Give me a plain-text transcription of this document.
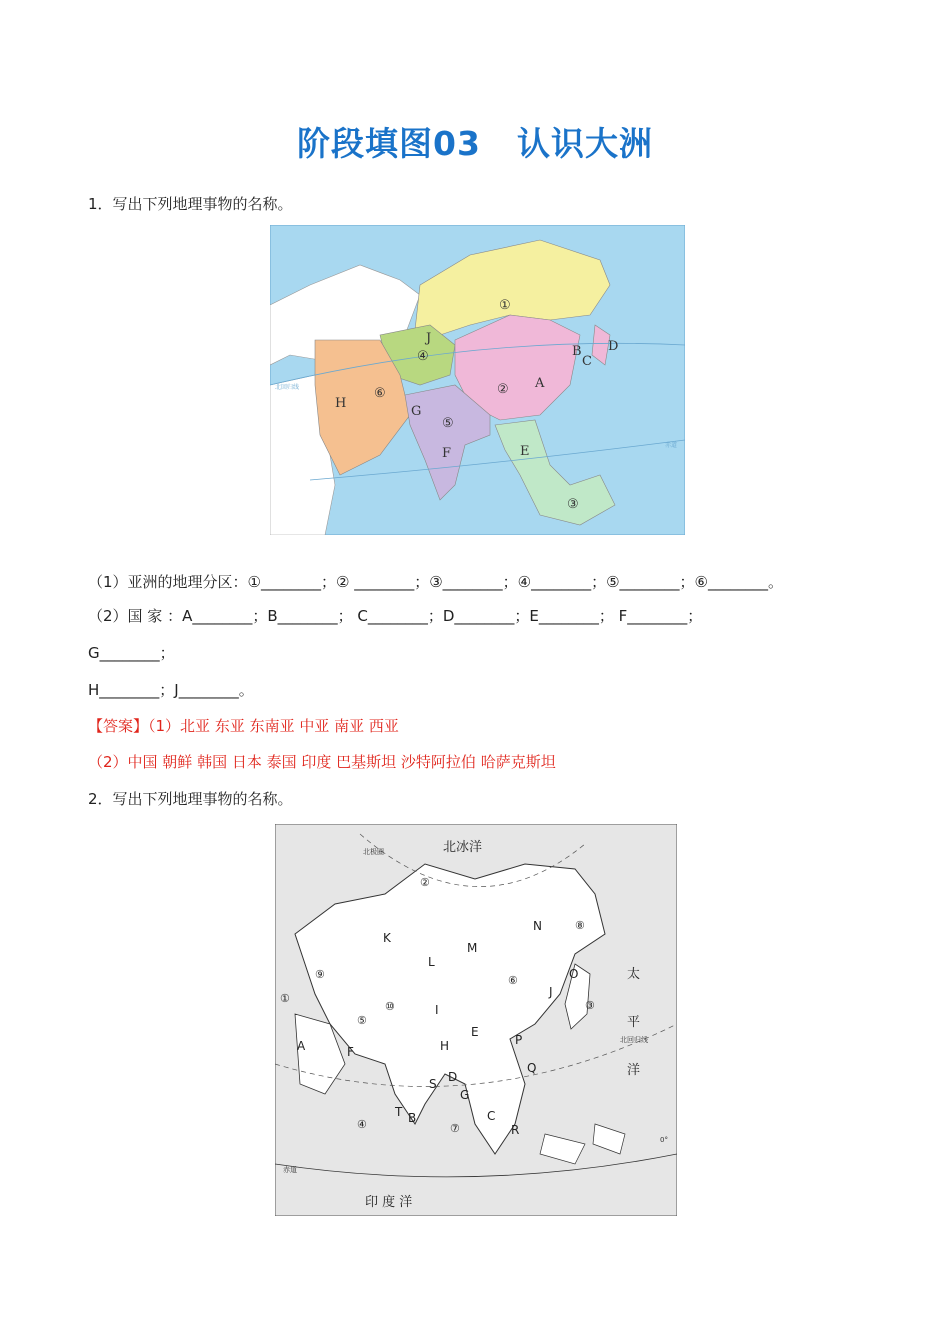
阶段填图03 认识大洲
1．写出下列地理事物的名称。
①
②
③
④
⑤
⑥
A
B
C
D
E
F
G
H
J
北回归线
赤道
（1）亚洲的地理分区：①________；② ________；③________；④________；⑤________；⑥________。
（2）国 家 ：A________；B________； C________；D________；E________； F________；
G________；
H________；J________。
【答案】（1）北亚 东亚 东南亚 中亚 南亚 西亚
（2）中国 朝鲜 韩国 日本 泰国 印度 巴基斯坦 沙特阿拉伯 哈萨克斯坦
2．写出下列地理事物的名称。
北冰洋
太
平
洋
印 度 洋
北极圈
北回归线
赤道
0°
①
②
③
④
⑤
⑥
⑦
⑧
⑨
⑩
A
B	C
D
E
F
G
H
I
J
K
L
M
N
O
P
Q
R
S
T
